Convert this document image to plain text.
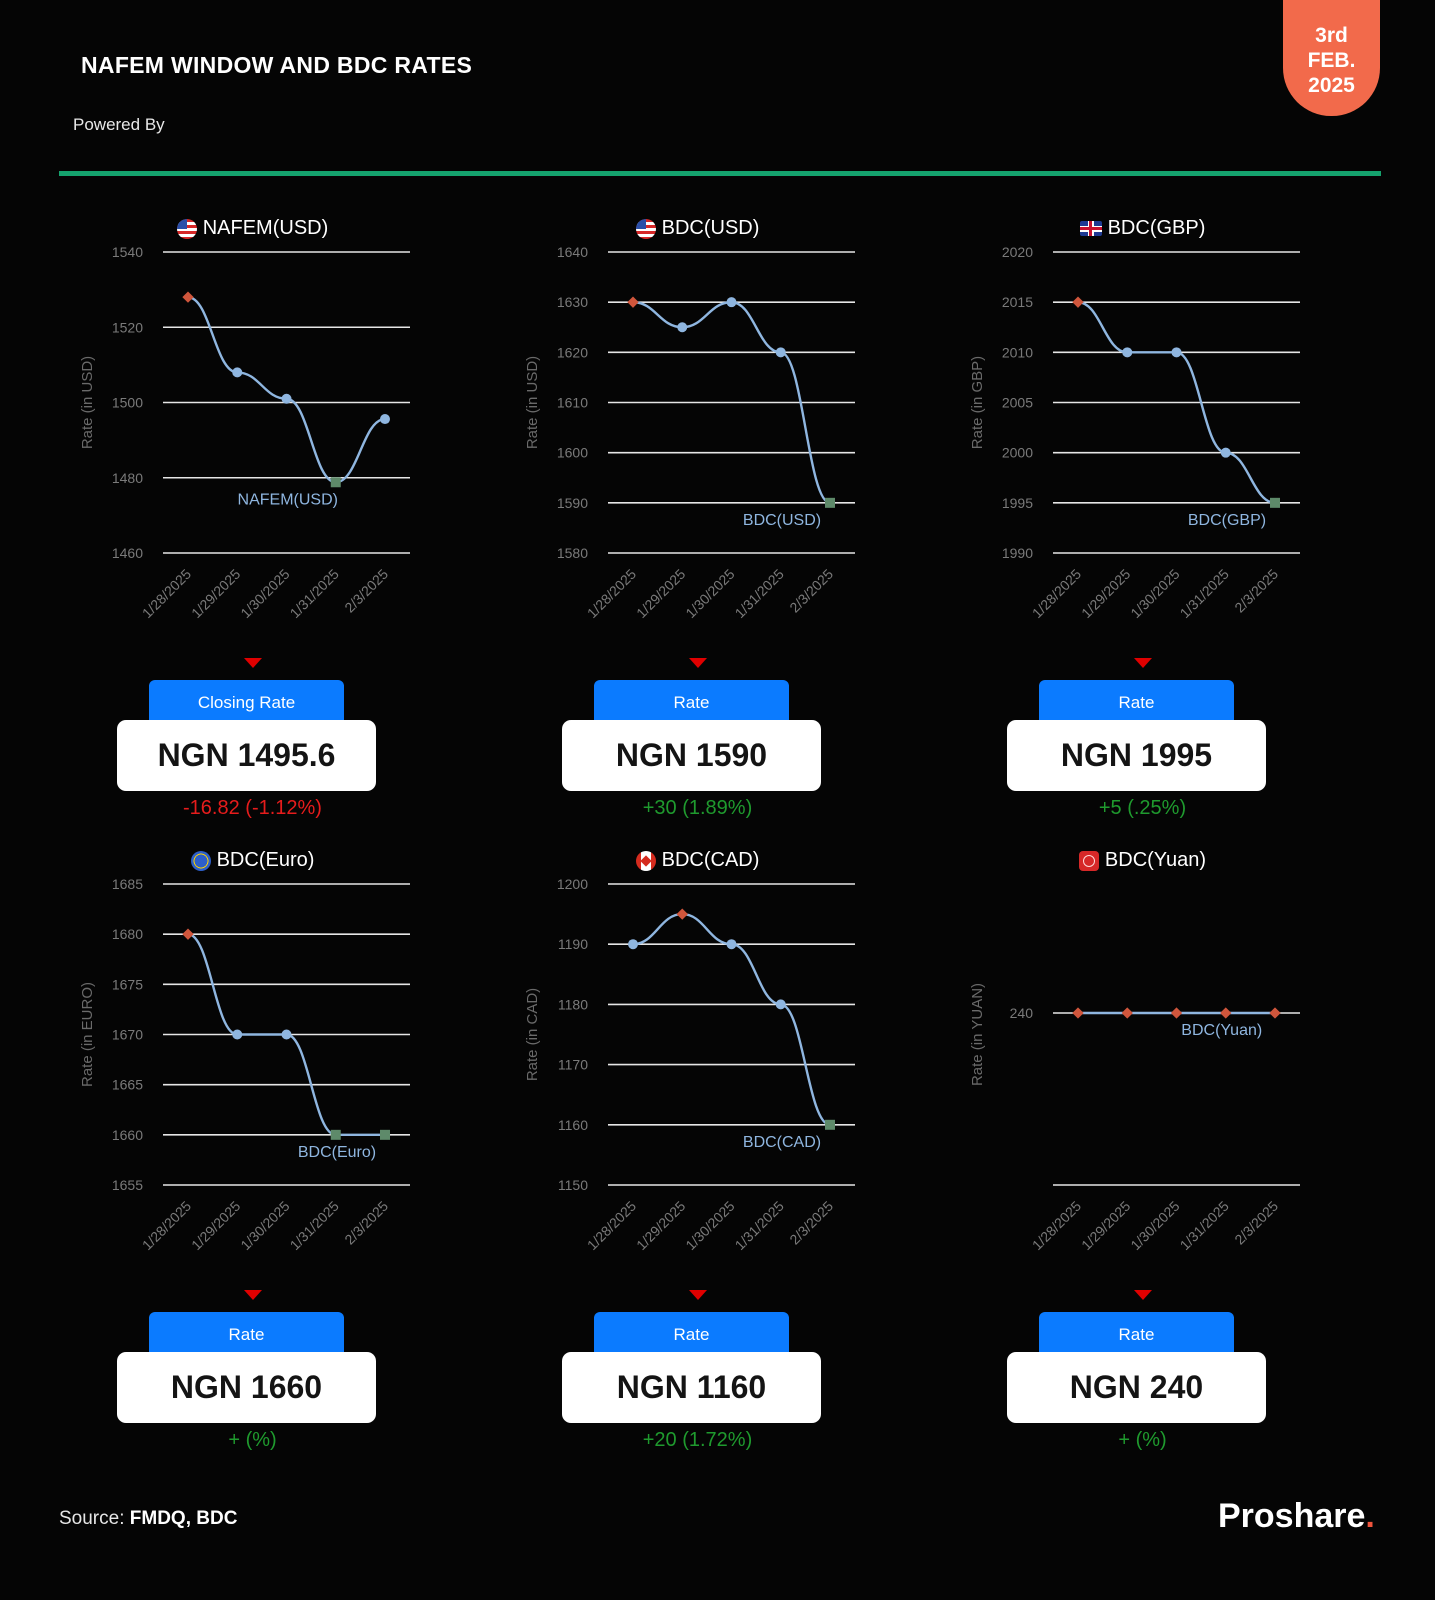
NAFEM WINDOW AND BDC RATES
Powered By
3rd
FEB.
2025
NAFEM(USD)
1540
1520
1500
1480
1460
Rate (in USD)
1/28/2025
1/29/2025
1/30/2025
1/31/2025 2/3/2025
NAFEM(USD)
Closing Rate
NGN 1495.6
-16.82 (-1.12%)
BDC(USD)
1640
1630
1620
1610
1600
1590
1580
Rate (in USD)
1/28/2025
1/29/2025
1/30/2025
1/31/2025 2/3/2025
BDC(USD)
Rate
NGN 1590
+30 (1.89%)
BDC(GBP)
2020
2015
2010
2005
2000
1995
1990
Rate (in GBP)
1/28/2025
1/29/2025
1/30/2025
1/31/2025 2/3/2025
BDC(GBP)
Rate
NGN 1995
+5 (.25%)
BDC(Euro)
1685
1680
1675
1670
1665
1660
1655
Rate (in EURO)
1/28/2025
1/29/2025
1/30/2025
1/31/2025 2/3/2025
BDC(Euro)
Rate
NGN 1660
+ (%)
BDC(CAD)
1200
1190
1180
1170
1160
1150
Rate (in CAD)
1/28/2025
1/29/2025
1/30/2025
1/31/2025 2/3/2025
BDC(CAD)
Rate
NGN 1160
+20 (1.72%)
BDC(Yuan)
240
Rate (in YUAN)
1/28/2025
1/29/2025
1/30/2025
1/31/2025 2/3/2025
BDC(Yuan)
Rate
NGN 240
+ (%)
Source: FMDQ, BDC	Proshare.
